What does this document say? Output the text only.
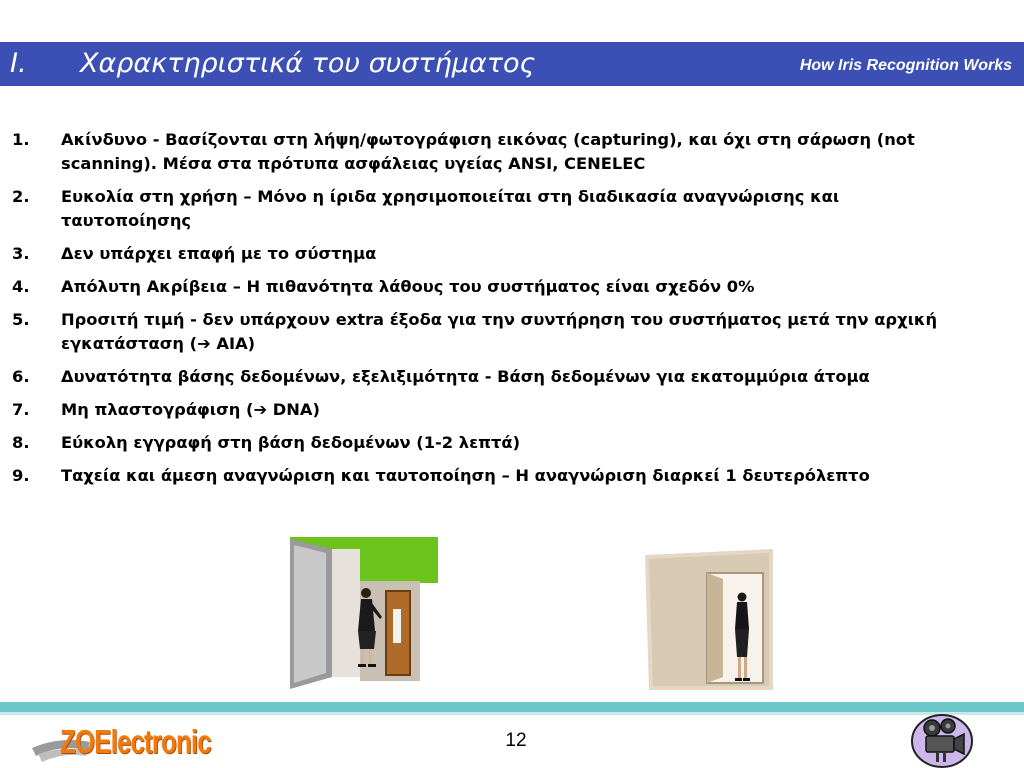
I. Χαρακτηριστικά του συστήματος	How Iris Recognition Works
1. Ακίνδυνο - Βασίζονται στη λήψη/φωτογράφιση εικόνας (capturing), και όχι στη σάρωση (not scanning). Μέσα στα πρότυπα ασφάλειας υγείας ANSI, CENELEC
2. Ευκολία στη χρήση – Μόνο η ίριδα χρησιμοποιείται στη διαδικασία αναγνώρισης και ταυτοποίησης
3. Δεν υπάρχει επαφή με το σύστημα
4. Απόλυτη Ακρίβεια – Η πιθανότητα λάθους του συστήματος είναι σχεδόν 0%
5. Προσιτή τιμή - δεν υπάρχουν extra έξοδα για την συντήρηση του συστήματος μετά την αρχική εγκατάσταση (➔ AIA)
6. Δυνατότητα βάσης δεδομένων, εξελιξιμότητα - Βάση δεδομένων για εκατομμύρια άτομα
7. Μη πλαστογράφιση (➔ DNA)
8. Εύκολη εγγραφή στη βάση δεδομένων (1-2 λεπτά)
9. Ταχεία και άμεση αναγνώριση και ταυτοποίηση – Η αναγνώριση διαρκεί 1 δευτερόλεπτο
ZOElectronic	12
